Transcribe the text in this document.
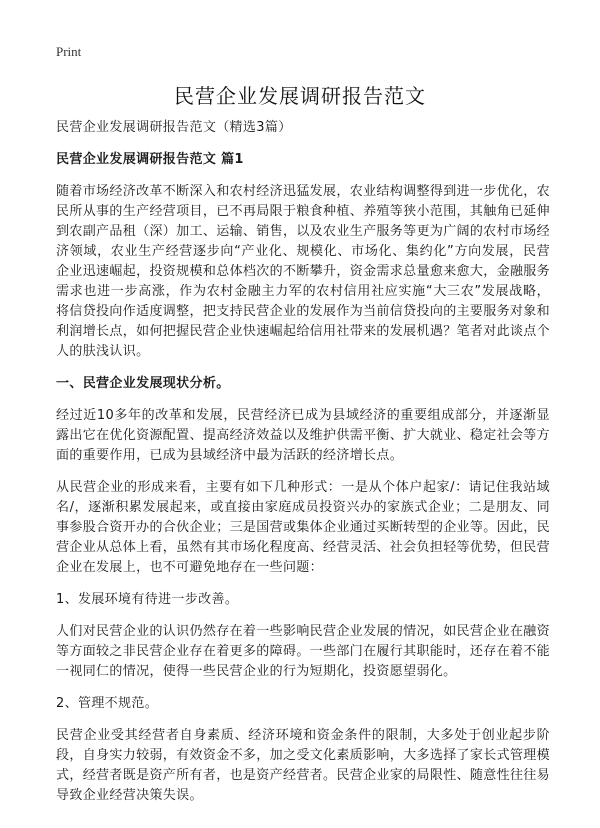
Print
民营企业发展调研报告范文

民营企业发展调研报告范文（精选3篇）

民营企业发展调研报告范文 篇1

随着市场经济改革不断深入和农村经济迅猛发展，农业结构调整得到进一步优化，农民所从事的生产经营项目，已不再局限于粮食种植、养殖等狭小范围，其触角已延伸到农副产品租（深）加工、运输、销售，以及农业生产服务等更为广阔的农村市场经济领域，农业生产经营逐步向“产业化、规模化、市场化、集约化”方向发展，民营企业迅速崛起，投资规模和总体档次的不断攀升，资金需求总量愈来愈大，金融服务需求也进一步高涨，作为农村金融主力军的农村信用社应实施“大三农”发展战略，将信贷投向作适度调整，把支持民营企业的发展作为当前信贷投向的主要服务对象和利润增长点，如何把握民营企业快速崛起给信用社带来的发展机遇？笔者对此谈点个人的肤浅认识。

一、民营企业发展现状分析。

经过近10多年的改革和发展，民营经济已成为县域经济的重要组成部分，并逐渐显露出它在优化资源配置、提高经济效益以及维护供需平衡、扩大就业、稳定社会等方面的重要作用，已成为县域经济中最为活跃的经济增长点。

从民营企业的形成来看，主要有如下几种形式：一是从个体户起家/：请记住我站域名/，逐渐积累发展起来，或直接由家庭成员投资兴办的家族式企业；二是朋友、同事参股合资开办的合伙企业；三是国营或集体企业通过买断转型的企业等。因此，民营企业从总体上看，虽然有其市场化程度高、经营灵活、社会负担轻等优势，但民营企业在发展上，也不可避免地存在一些问题：

1、发展环境有待进一步改善。

人们对民营企业的认识仍然存在着一些影响民营企业发展的情况，如民营企业在融资等方面较之非民营企业存在着更多的障碍。一些部门在履行其职能时，还存在着不能一视同仁的情况，使得一些民营企业的行为短期化，投资愿望弱化。

2、管理不规范。

民营企业受其经营者自身素质、经济环境和资金条件的限制，大多处于创业起步阶段，自身实力较弱，有效资金不多，加之受文化素质影响，大多选择了家长式管理模式，经营者既是资产所有者，也是资产经营者。民营企业家的局限性、随意性往往易导致企业经营决策失误。
